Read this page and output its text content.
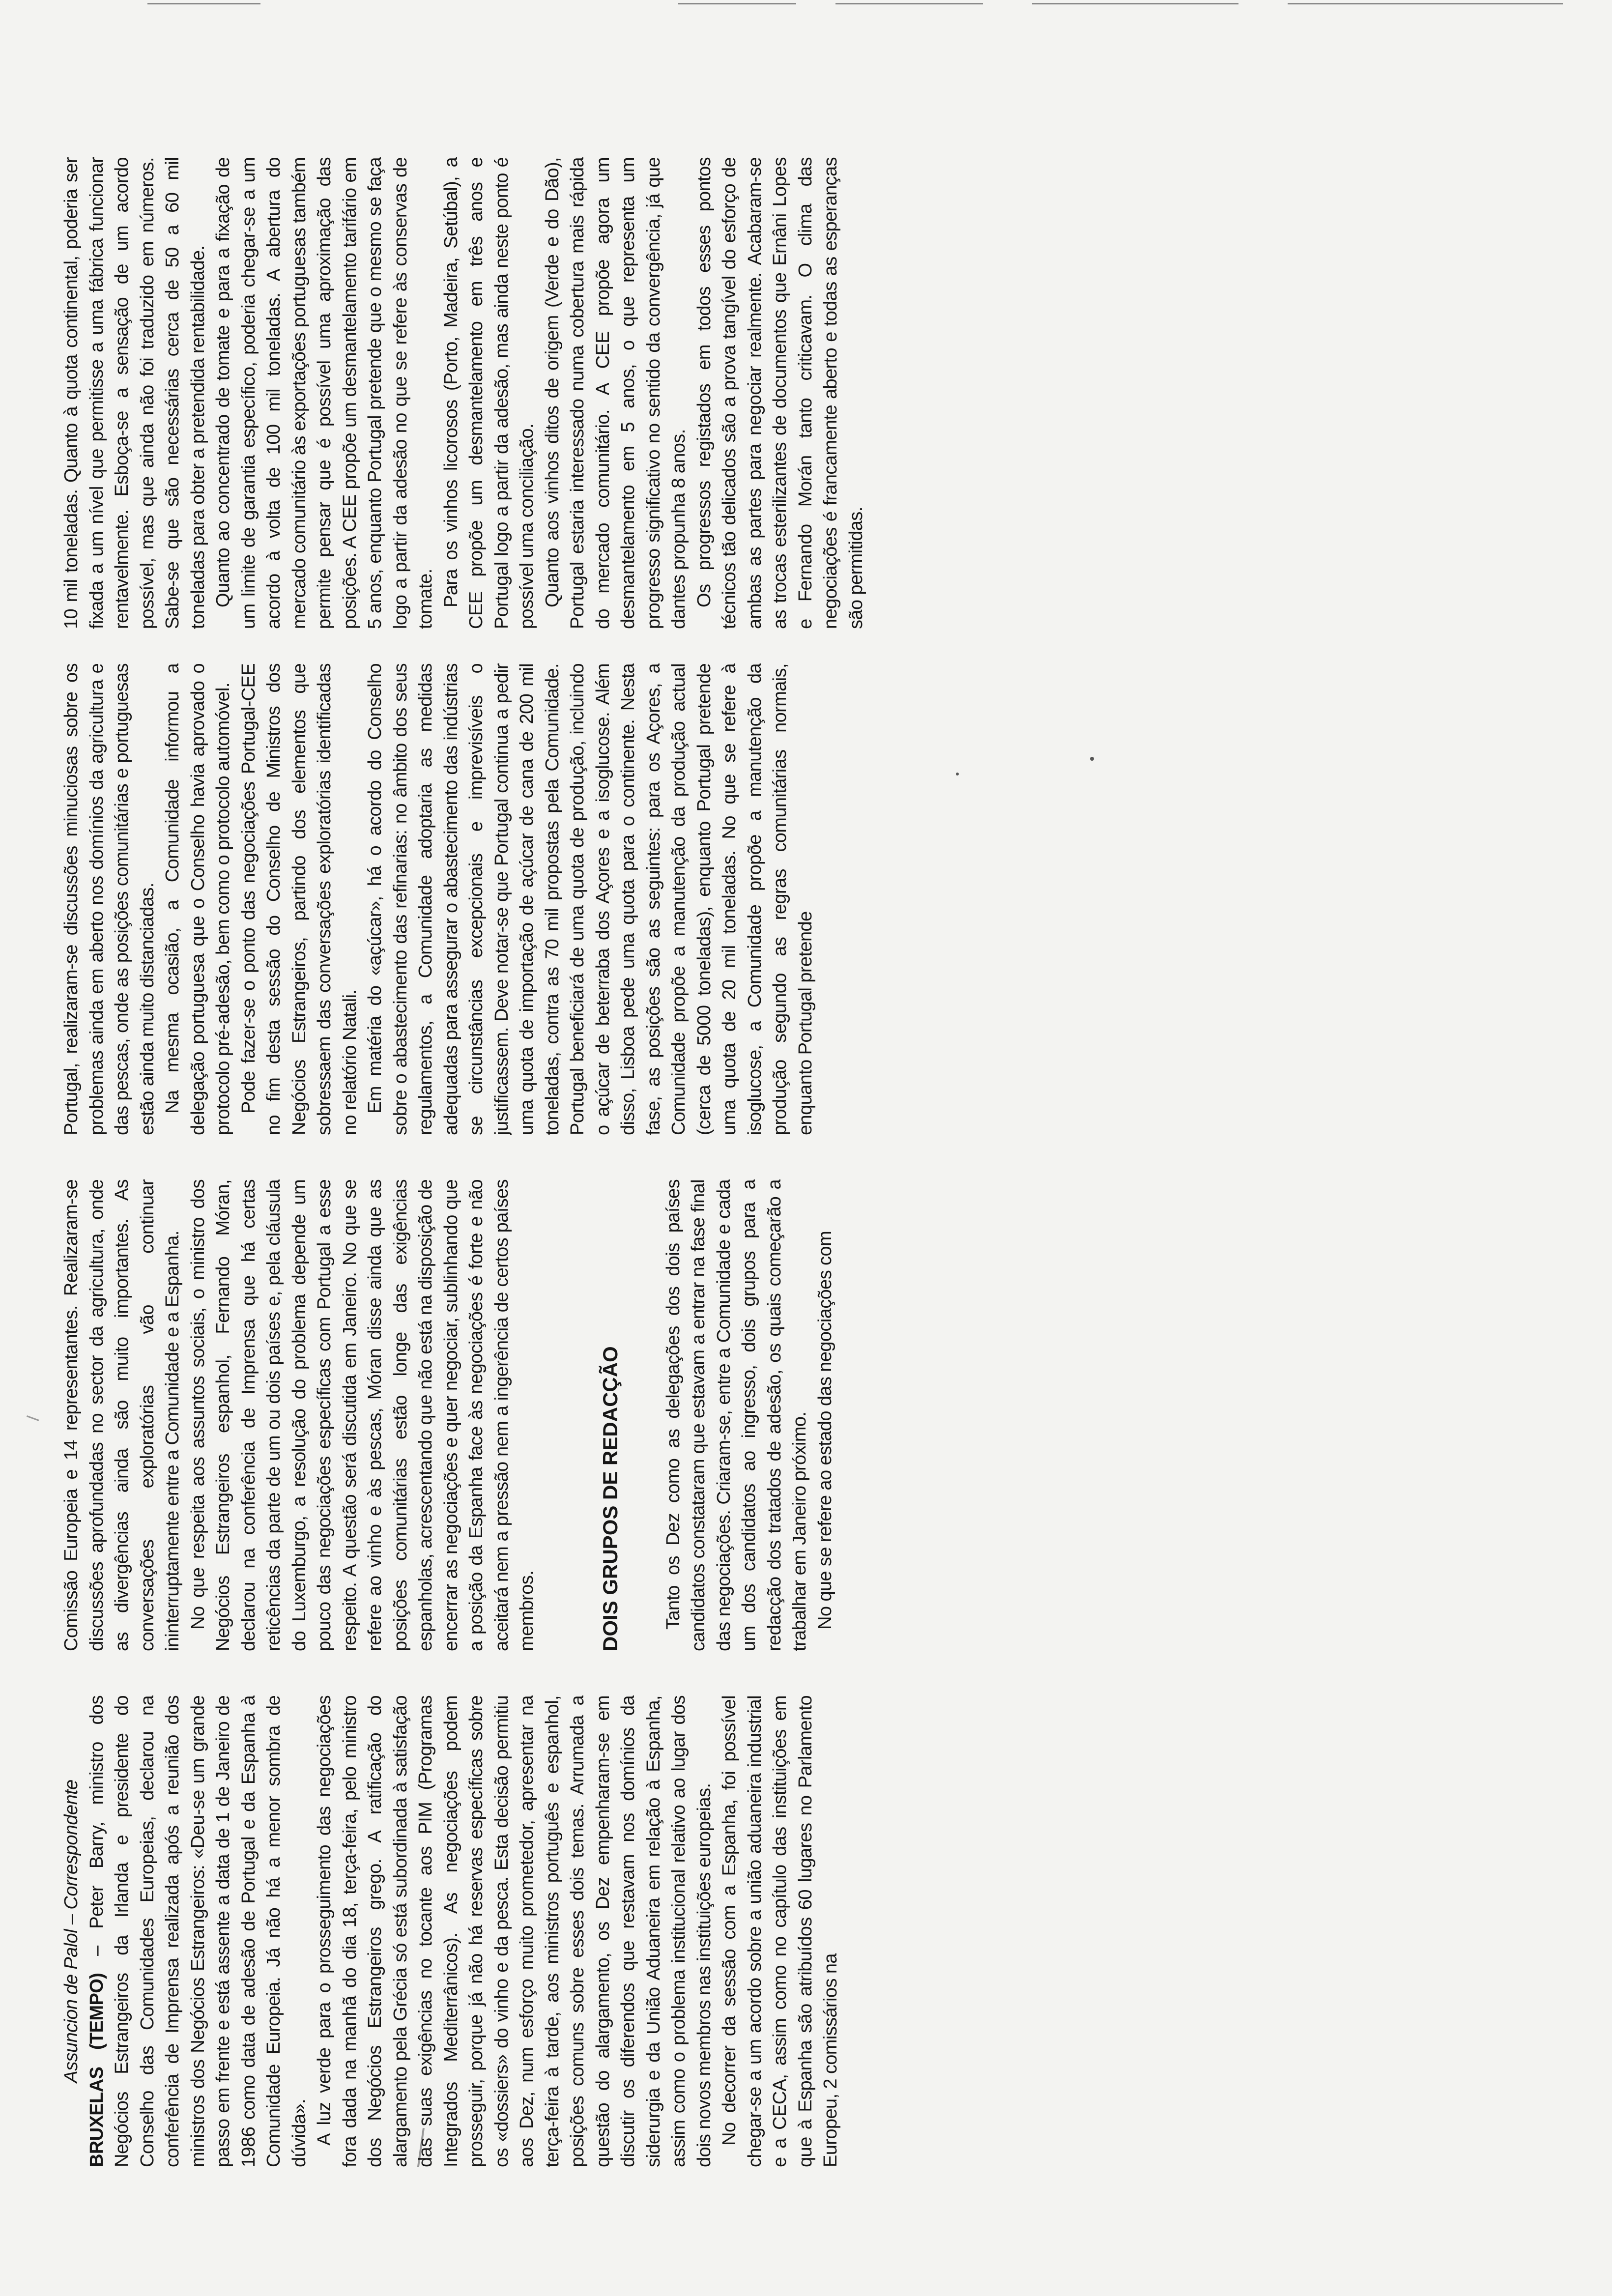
Assuncion de Palol – Correspondente BRUXELAS (TEMPO) – Peter Barry, ministro dos Negócios Estrangeiros da Irlanda e presidente do Conselho das Comunidades Europeias, declarou na conferência de Imprensa realizada após a reunião dos ministros dos Negócios Estrangeiros: «Deu-se um grande passo em frente e está assente a data de 1 de Janeiro de 1986 como data de adesão de Portugal e da Espanha à Comunidade Europeia. Já não há a menor sombra de dúvida». A luz verde para o prosseguimento das negociações fora dada na manhã do dia 18, terça-feira, pelo ministro dos Negócios Estrangeiros grego. A ratificação do alargamento pela Grécia só está subordinada à satisfação das suas exigências no tocante aos PIM (Programas Integrados Mediterrânicos). As negociações podem prosseguir, porque já não há reservas específicas sobre os «dossiers» do vinho e da pesca. Esta decisão permitiu aos Dez, num esforço muito prometedor, apresentar na terça-feira à tarde, aos ministros português e espanhol, posições comuns sobre esses dois temas. Arrumada a questão do alargamento, os Dez empenharam-se em discutir os diferendos que restavam nos domínios da siderurgia e da União Aduaneira em relação à Espanha, assim como o problema institucional relativo ao lugar dos dois novos membros nas instituições europeias. No decorrer da sessão com a Espanha, foi possível chegar-se a um acordo sobre a união aduaneira industrial e a CECA, assim como no capítulo das instituições em que à Espanha são atribuídos 60 lugares no Parlamento Europeu, 2 comissários na

Comissão Europeia e 14 representantes. Realizaram-se discussões aprofundadas no sector da agricultura, onde as divergências ainda são muito importantes. As conversações exploratórias vão continuar ininterruptamente entre a Comunidade e a Espanha. No que respeita aos assuntos sociais, o ministro dos Negócios Estrangeiros espanhol, Fernando Móran, declarou na conferência de Imprensa que há certas reticências da parte de um ou dois países e, pela cláusula do Luxemburgo, a resolução do problema depende um pouco das negociações específicas com Portugal a esse respeito. A questão será discutida em Janeiro. No que se refere ao vinho e às pescas, Móran disse ainda que as posições comunitárias estão longe das exigências espanholas, acrescentando que não está na disposição de encerrar as negociações e quer negociar, sublinhando que a posição da Espanha face às negociações é forte e não aceitará nem a pressão nem a ingerência de certos países membros.	DOIS GRUPOS DE REDACÇÃO Tanto os Dez como as delegações dos dois países candidatos constataram que estavam a entrar na fase final das negociações. Criaram-se, entre a Comunidade e cada um dos candidatos ao ingresso, dois grupos para a redacção dos tratados de adesão, os quais começarão a trabalhar em Janeiro próximo. No que se refere ao estado das negociações com

Portugal, realizaram-se discussões minuciosas sobre os problemas ainda em aberto nos domínios da agricultura e das pescas, onde as posições comunitárias e portuguesas estão ainda muito distanciadas. Na mesma ocasião, a Comunidade informou a delegação portuguesa que o Conselho havia aprovado o protocolo pré-adesão, bem como o protocolo automóvel. Pode fazer-se o ponto das negociações Portugal-CEE no fim desta sessão do Conselho de Ministros dos Negócios Estrangeiros, partindo dos elementos que sobressaem das conversações exploratórias identificadas no relatório Natali. Em matéria do «açúcar», há o acordo do Conselho sobre o abastecimento das refinarias: no âmbito dos seus regulamentos, a Comunidade adoptaria as medidas adequadas para assegurar o abastecimento das indústrias se circunstâncias excepcionais e imprevisíveis o justificassem. Deve notar-se que Portugal continua a pedir uma quota de importação de açúcar de cana de 200 mil toneladas, contra as 70 mil propostas pela Comunidade. Portugal beneficiará de uma quota de produção, incluindo o açúcar de beterraba dos Açores e a isoglucose. Além disso, Lisboa pede uma quota para o continente. Nesta fase, as posições são as seguintes: para os Açores, a Comunidade propõe a manutenção da produção actual (cerca de 5000 toneladas), enquanto Portugal pretende uma quota de 20 mil toneladas. No que se refere à isoglucose, a Comunidade propõe a manutenção da produção segundo as regras comunitárias normais, enquanto Portugal pretende

10 mil toneladas. Quanto à quota continental, poderia ser fixada a um nível que permitisse a uma fábrica funcionar rentavelmente. Esboça-se a sensação de um acordo possível, mas que ainda não foi traduzido em números. Sabe-se que são necessárias cerca de 50 a 60 mil toneladas para obter a pretendida rentabilidade. Quanto ao concentrado de tomate e para a fixação de um limite de garantia específico, poderia chegar-se a um acordo à volta de 100 mil toneladas. A abertura do mercado comunitário às exportações portuguesas também permite pensar que é possível uma aproximação das posições. A CEE propõe um desmantelamento tarifário em 5 anos, enquanto Portugal pretende que o mesmo se faça logo a partir da adesão no que se refere às conservas de tomate. Para os vinhos licorosos (Porto, Madeira, Setúbal), a CEE propõe um desmantelamento em três anos e Portugal logo a partir da adesão, mas ainda neste ponto é possível uma conciliação. Quanto aos vinhos ditos de origem (Verde e do Dão), Portugal estaria interessado numa cobertura mais rápida do mercado comunitário. A CEE propõe agora um desmantelamento em 5 anos, o que representa um progresso significativo no sentido da convergência, já que dantes propunha 8 anos. Os progressos registados em todos esses pontos técnicos tão delicados são a prova tangível do esforço de ambas as partes para negociar realmente. Acabaram-se as trocas esterilizantes de documentos que Ernâni Lopes e Fernando Morán tanto criticavam. O clima das negociações é francamente aberto e todas as esperanças são permitidas.
